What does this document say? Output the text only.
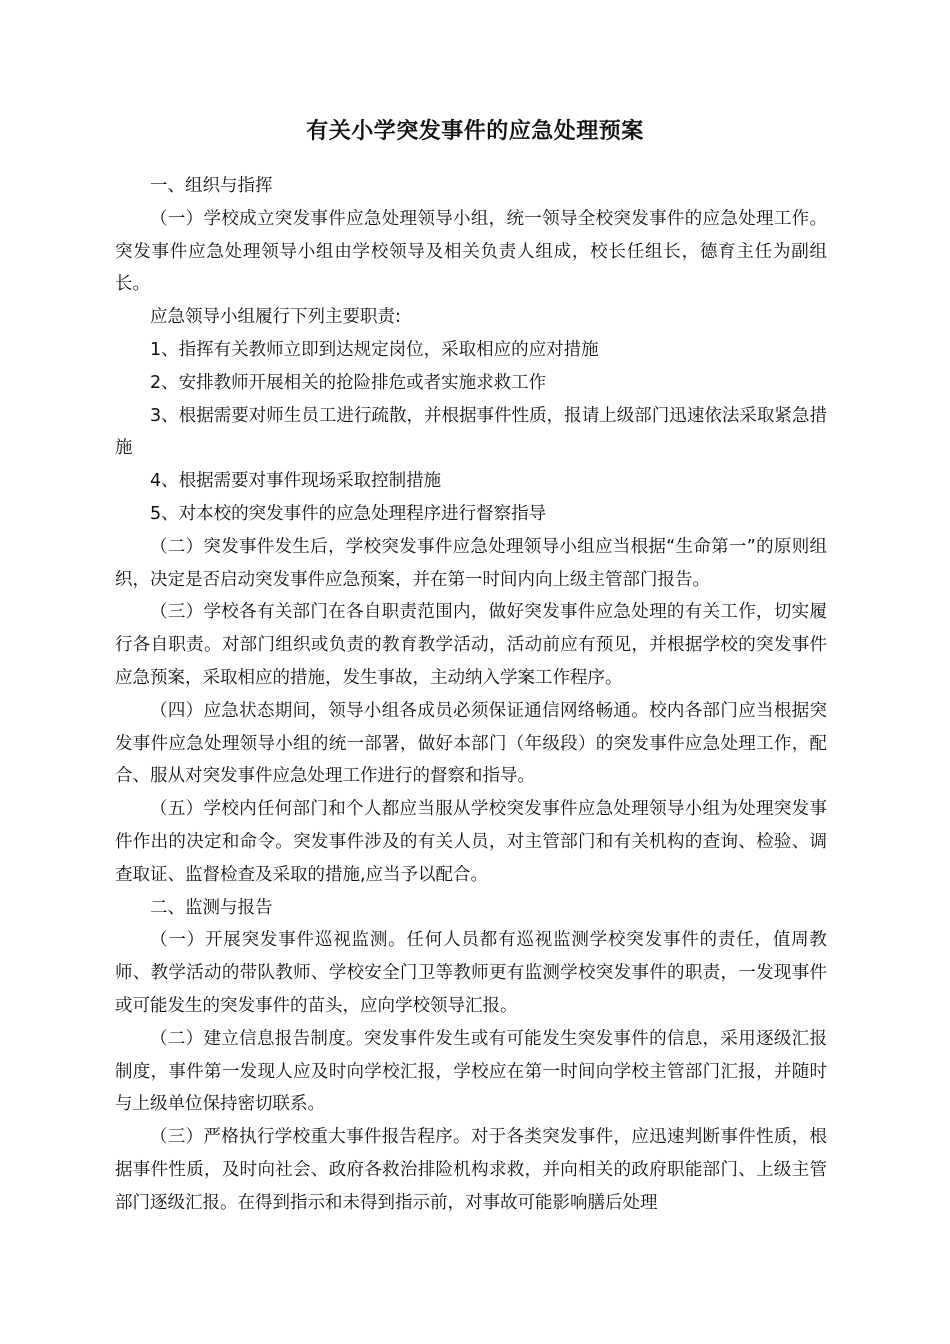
有关小学突发事件的应急处理预案

一、组织与指挥

（一）学校成立突发事件应急处理领导小组，统一领导全校突发事件的应急处理工作。突发事件应急处理领导小组由学校领导及相关负责人组成，校长任组长，德育主任为副组长。

应急领导小组履行下列主要职责:

1、指挥有关教师立即到达规定岗位，采取相应的应对措施

2、安排教师开展相关的抢险排危或者实施求救工作

3、根据需要对师生员工进行疏散，并根据事件性质，报请上级部门迅速依法采取紧急措施

4、根据需要对事件现场采取控制措施

5、对本校的突发事件的应急处理程序进行督察指导

（二）突发事件发生后，学校突发事件应急处理领导小组应当根据“生命第一”的原则组织，决定是否启动突发事件应急预案，并在第一时间内向上级主管部门报告。

（三）学校各有关部门在各自职责范围内，做好突发事件应急处理的有关工作，切实履行各自职责。对部门组织或负责的教育教学活动，活动前应有预见，并根据学校的突发事件应急预案，采取相应的措施，发生事故，主动纳入学案工作程序。

（四）应急状态期间，领导小组各成员必须保证通信网络畅通。校内各部门应当根据突发事件应急处理领导小组的统一部署，做好本部门（年级段）的突发事件应急处理工作，配合、服从对突发事件应急处理工作进行的督察和指导。

（五）学校内任何部门和个人都应当服从学校突发事件应急处理领导小组为处理突发事件作出的决定和命令。突发事件涉及的有关人员，对主管部门和有关机构的查询、检验、调查取证、监督检查及采取的措施,应当予以配合。

二、监测与报告

（一）开展突发事件巡视监测。任何人员都有巡视监测学校突发事件的责任，值周教师、教学活动的带队教师、学校安全门卫等教师更有监测学校突发事件的职责，一发现事件或可能发生的突发事件的苗头，应向学校领导汇报。

（二）建立信息报告制度。突发事件发生或有可能发生突发事件的信息，采用逐级汇报制度，事件第一发现人应及时向学校汇报，学校应在第一时间向学校主管部门汇报，并随时与上级单位保持密切联系。

（三）严格执行学校重大事件报告程序。对于各类突发事件，应迅速判断事件性质，根据事件性质，及时向社会、政府各救治排险机构求救，并向相关的政府职能部门、上级主管部门逐级汇报。在得到指示和未得到指示前，对事故可能影响膳后处理
